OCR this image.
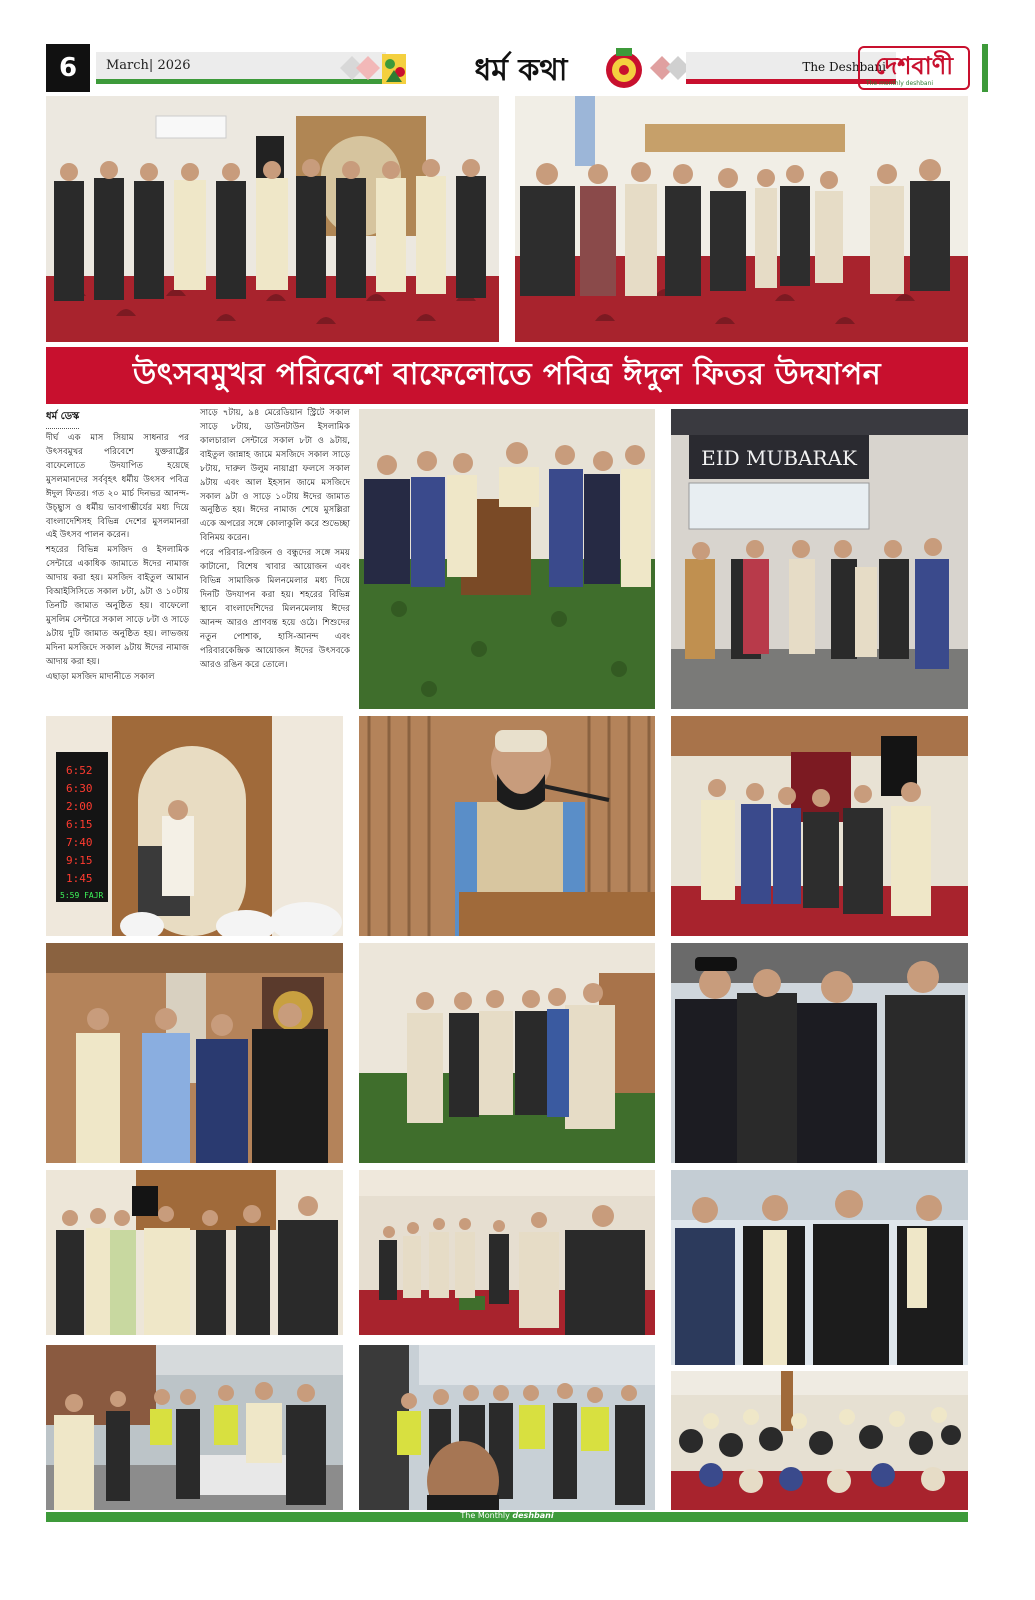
6	March| 2026	ধর্ম কথা	The Deshbani
দেশবাণী
The monthly deshbani
উৎসবমুখর পরিবেশে বাফেলোতে পবিত্র ঈদুল ফিতর উদযাপন
ধর্ম ডেস্ক

দীর্ঘ এক মাস সিয়াম সাধনার পর উৎসবমুখর পরিবেশে যুক্তরাষ্ট্রের বাফেলোতে উদযাপিত হয়েছে মুসলমানদের সর্ববৃহৎ ধর্মীয় উৎসব পবিত্র ঈদুল ফিতর। গত ২০ মার্চ দিনভর আনন্দ-উচ্ছ্বাস ও ধর্মীয় ভাবগাম্ভীর্যের মধ্য দিয়ে বাংলাদেশিসহ বিভিন্ন দেশের মুসলমানরা এই উৎসব পালন করেন।

শহরের বিভিন্ন মসজিদ ও ইসলামিক সেন্টারে একাধিক জামাতে ঈদের নামাজ আদায় করা হয়। মসজিদ বাইতুল আমান বিআইসিসিতে সকাল ৮টা, ৯টা ও ১০টায় তিনটি জামাত অনুষ্ঠিত হয়। বাফেলো মুসলিম সেন্টারে সকাল সাড়ে ৮টা ও সাড়ে ৯টায় দুটি জামাত অনুষ্ঠিত হয়। লাভজয় মদিনা মসজিদে সকাল ৯টায় ঈদের নামাজ আদায় করা হয়।

এছাড়া মসজিদ মাদানীতে সকাল

সাড়ে ৭টায়, ৯৪ মেরেডিয়ান স্ট্রিটে সকাল সাড়ে ৮টায়, ডাউনটাউন ইসলামিক কালচারাল সেন্টারে সকাল ৮টা ও ৯টায়, বাইতুল জান্নাহ জামে মসজিদে সকাল সাড়ে ৮টায়, দারুল উলুম নায়াগ্রা ফলসে সকাল ৯টায় এবং আল ইহসান জামে মসজিদে সকাল ৯টা ও সাড়ে ১০টায় ঈদের জামাত অনুষ্ঠিত হয়। ঈদের নামাজ শেষে মুসল্লিরা একে অপরের সঙ্গে কোলাকুলি করে শুভেচ্ছা বিনিময় করেন।

পরে পরিবার-পরিজন ও বন্ধুদের সঙ্গে সময় কাটানো, বিশেষ খাবার আয়োজন এবং বিভিন্ন সামাজিক মিলনমেলার মধ্য দিয়ে দিনটি উদযাপন করা হয়। শহরের বিভিন্ন স্থানে বাংলাদেশিদের মিলনমেলায় ঈদের আনন্দ আরও প্রাণবন্ত হয়ে ওঠে। শিশুদের নতুন পোশাক, হাসি-আনন্দ এবং পরিবারকেন্দ্রিক আয়োজন ঈদের উৎসবকে আরও রঙিন করে তোলে।

EID MUBARAK
6:52
6:30
2:00
6:15
7:40
9:15
1:45
5:59 FAJR
The Monthly deshbani
